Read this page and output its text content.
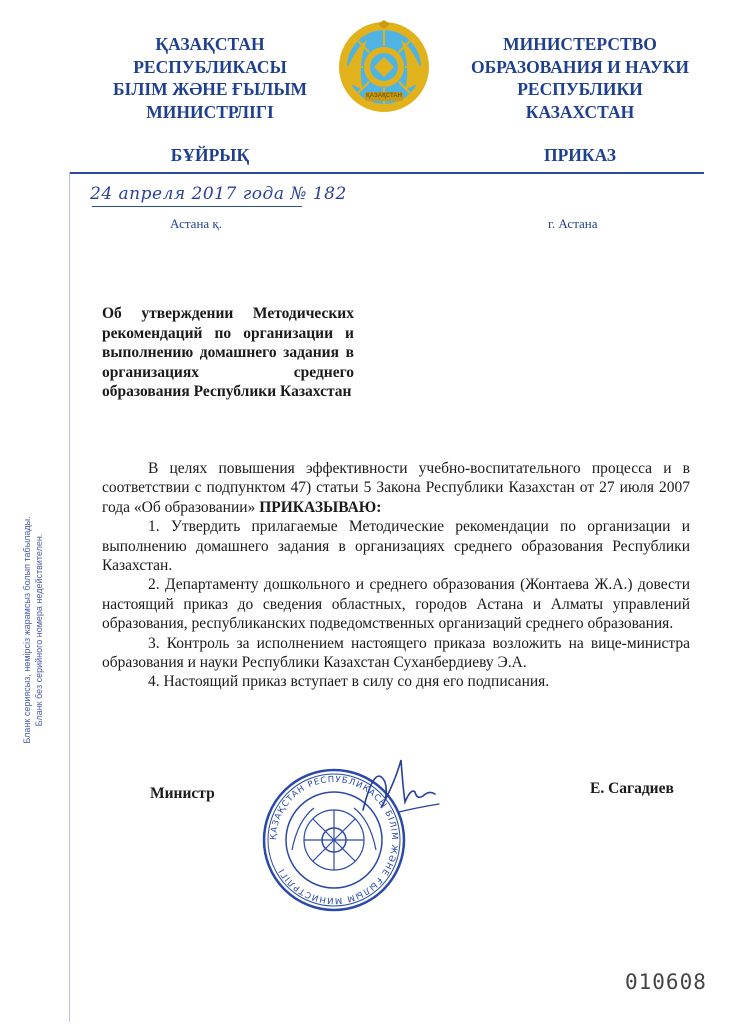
ҚАЗАҚСТАН
РЕСПУБЛИКАСЫ
БІЛІМ ЖӘНЕ ҒЫЛЫМ
МИНИСТРЛІГІ
ҚАЗАҚСТАН
МИНИСТЕРСТВО
ОБРАЗОВАНИЯ И НАУКИ
РЕСПУБЛИКИ
КАЗАХСТАН
БҰЙРЫҚ	ПРИКАЗ
24 апреля 2017 года № 182
Астана қ.	г. Астана
Об утверждении Методических рекомендаций по организации и выполнению домашнего задания в организациях среднего образования Республики Казахстан

В целях повышения эффективности учебно-воспитательного процесса и в соответствии с подпунктом 47) статьи 5 Закона Республики Казахстан от 27 июля 2007 года «Об образовании» ПРИКАЗЫВАЮ:

1. Утвердить прилагаемые Методические рекомендации по организации и выполнению домашнего задания в организациях среднего образования Республики Казахстан.

2. Департаменту дошкольного и среднего образования (Жонтаева Ж.А.) довести настоящий приказ до сведения областных, городов Астана и Алматы управлений образования, республиканских подведомственных организаций среднего образования.

3. Контроль за исполнением настоящего приказа возложить на вице-министра образования и науки Республики Казахстан Суханбердиеву Э.А.

4. Настоящий приказ вступает в силу со дня его подписания.

Министр
ҚАЗАҚСТАН РЕСПУБЛИКАСЫ БІЛІМ ЖӘНЕ ҒЫЛЫМ МИНИСТРЛІГІ
Е. Сагадиев
Бланк сериясыз, нөмірсіз жарамсыз болып табылады. Бланк без серийного номера недействителен.
010608
